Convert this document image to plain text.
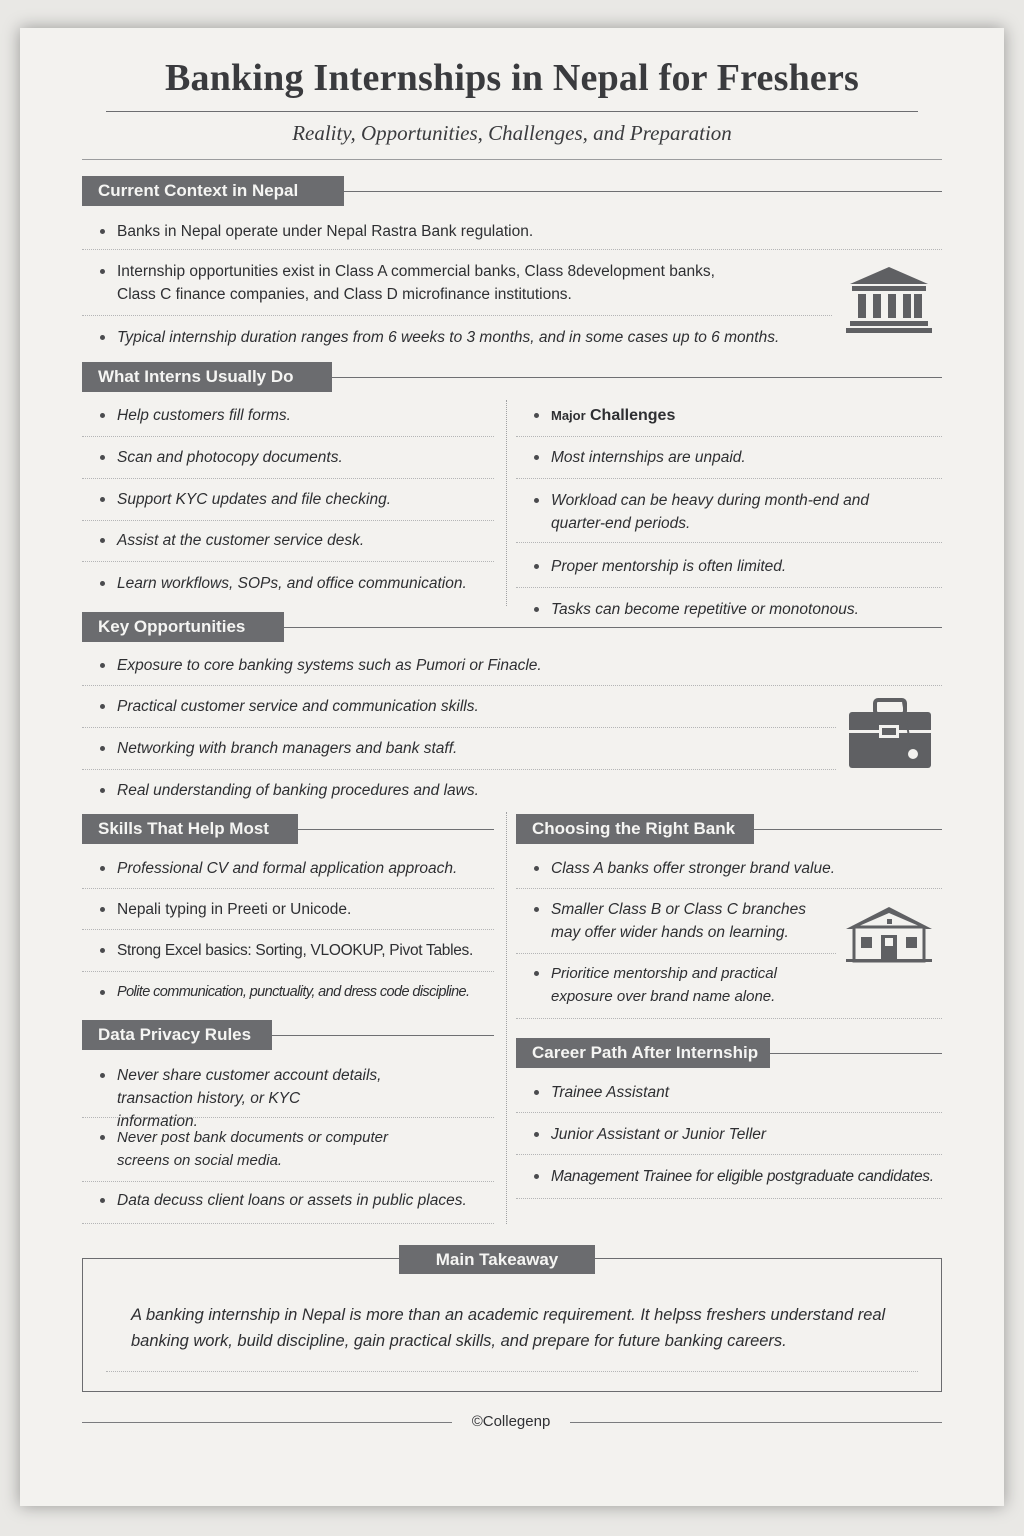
Banking Internships in Nepal for Freshers
Reality, Opportunities, Challenges, and Preparation
Current Context in Nepal
Banks in Nepal operate under Nepal Rastra Bank regulation.
Internship opportunities exist in Class A commercial banks, Class 8development banks, Class C finance companies, and Class D microfinance institutions.
Typical internship duration ranges from 6 weeks to 3 months, and in some cases up to 6 months.
What Interns Usually Do
Help customers fill forms.
Scan and photocopy documents.
Support KYC updates and file checking.
Assist at the customer service desk.
Learn workflows, SOPs, and office communication.
Major Challenges
Most internships are unpaid.
Workload can be heavy during month-end and quarter-end periods.
Proper mentorship is often limited.
Tasks can become repetitive or monotonous.
Key Opportunities
Exposure to core banking systems such as Pumori or Finacle.
Practical customer service and communication skills.
Networking with branch managers and bank staff.
Real understanding of banking procedures and laws.
Skills That Help Most
Professional CV and formal application approach.
Nepali typing in Preeti or Unicode.
Strong Excel basics: Sorting, VLOOKUP, Pivot Tables.
Polite communication, punctuality, and dress code discipline.
Choosing the Right Bank
Class A banks offer stronger brand value.
Smaller Class B or Class C branches may offer wider hands on learning.
Prioritice mentorship and practical exposure over brand name alone.
Data Privacy Rules
Never share customer account details, transaction history, or KYC information.
Never post bank documents or computer screens on social media.
Data decuss client loans or assets in public places.
Career Path After Internship
Trainee Assistant
Junior Assistant or Junior Teller
Management Trainee for eligible postgraduate candidates.
Main Takeaway
A banking internship in Nepal is more than an academic requirement. It helpss freshers understand real banking work, build discipline, gain practical skills, and prepare for future banking careers.
©Collegenp
